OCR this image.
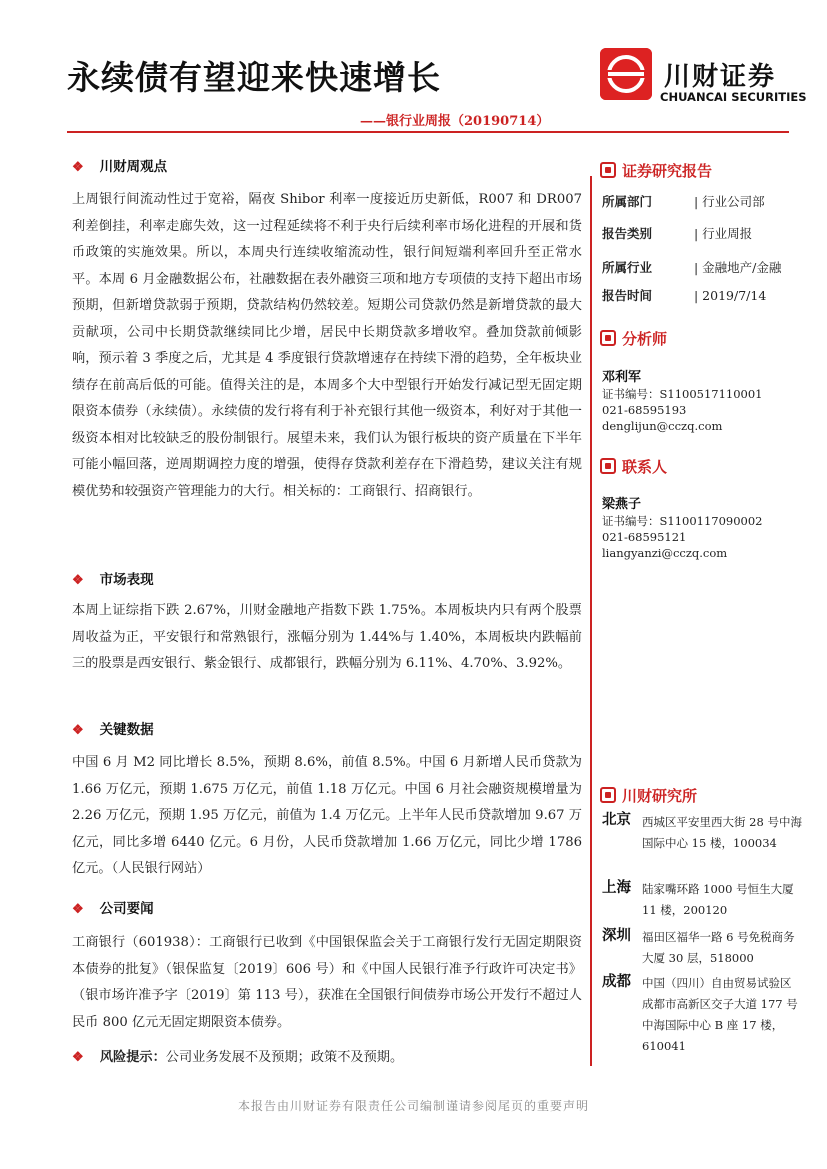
永续债有望迎来快速增长	川财证券
CHUANCAI SECURITIES
——银行业周报（20190714）
❖ 川财周观点

上周银行间流动性过于宽裕，隔夜 Shibor 利率一度接近历史新低，R007 和 DR007 利差倒挂，利率走廊失效，这一过程延续将不利于央行后续利率市场化进程的开展和货币政策的实施效果。所以，本周央行连续收缩流动性，银行间短端利率回升至正常水平。本周 6 月金融数据公布，社融数据在表外融资三项和地方专项债的支持下超出市场预期，但新增贷款弱于预期，贷款结构仍然较差。短期公司贷款仍然是新增贷款的最大贡献项，公司中长期贷款继续同比少增，居民中长期贷款多增收窄。叠加贷款前倾影响，预示着 3 季度之后，尤其是 4 季度银行贷款增速存在持续下滑的趋势，全年板块业绩存在前高后低的可能。值得关注的是，本周多个大中型银行开始发行减记型无固定期限资本债券（永续债）。永续债的发行将有利于补充银行其他一级资本，利好对于其他一级资本相对比较缺乏的股份制银行。展望未来，我们认为银行板块的资产质量在下半年可能小幅回落，逆周期调控力度的增强，使得存贷款利差存在下滑趋势，建议关注有规模优势和较强资产管理能力的大行。相关标的：工商银行、招商银行。

❖ 市场表现

本周上证综指下跌 2.67%，川财金融地产指数下跌 1.75%。本周板块内只有两个股票周收益为正，平安银行和常熟银行，涨幅分别为 1.44%与 1.40%，本周板块内跌幅前三的股票是西安银行、紫金银行、成都银行，跌幅分别为 6.11%、4.70%、3.92%。

❖ 关键数据

中国 6 月 M2 同比增长 8.5%，预期 8.6%，前值 8.5%。中国 6 月新增人民币贷款为 1.66 万亿元，预期 1.675 万亿元，前值 1.18 万亿元。中国 6 月社会融资规模增量为 2.26 万亿元，预期 1.95 万亿元，前值为 1.4 万亿元。上半年人民币贷款增加 9.67 万亿元，同比多增 6440 亿元。6 月份，人民币贷款增加 1.66 万亿元，同比少增 1786 亿元。（人民银行网站）

❖ 公司要闻

工商银行（601938）：工商银行已收到《中国银保监会关于工商银行发行无固定期限资本债券的批复》（银保监复〔2019〕606 号）和《中国人民银行准予行政许可决定书》（银市场许准予字〔2019〕第 113 号），获准在全国银行间债券市场公开发行不超过人民币 800 亿元无固定期限资本债券。

❖ 风险提示：公司业务发展不及预期；政策不及预期。
证券研究报告
所属部门	| 行业公司部
报告类别	| 行业周报
所属行业	| 金融地产/金融
报告时间	| 2019/7/14
分析师
邓利军
证书编号：S1100517110001
021-68595193
denglijun@cczq.com
联系人
梁燕子
证书编号：S1100117090002
021-68595121
liangyanzi@cczq.com
川财研究所
北京 西城区平安里西大街 28 号中海国际中心 15 楼，100034
上海 陆家嘴环路 1000 号恒生大厦 11 楼，200120
深圳 福田区福华一路 6 号免税商务大厦 30 层，518000
成都 中国（四川）自由贸易试验区成都市高新区交子大道 177 号中海国际中心 B 座 17 楼，610041
本报告由川财证券有限责任公司编制谨请参阅尾页的重要声明
